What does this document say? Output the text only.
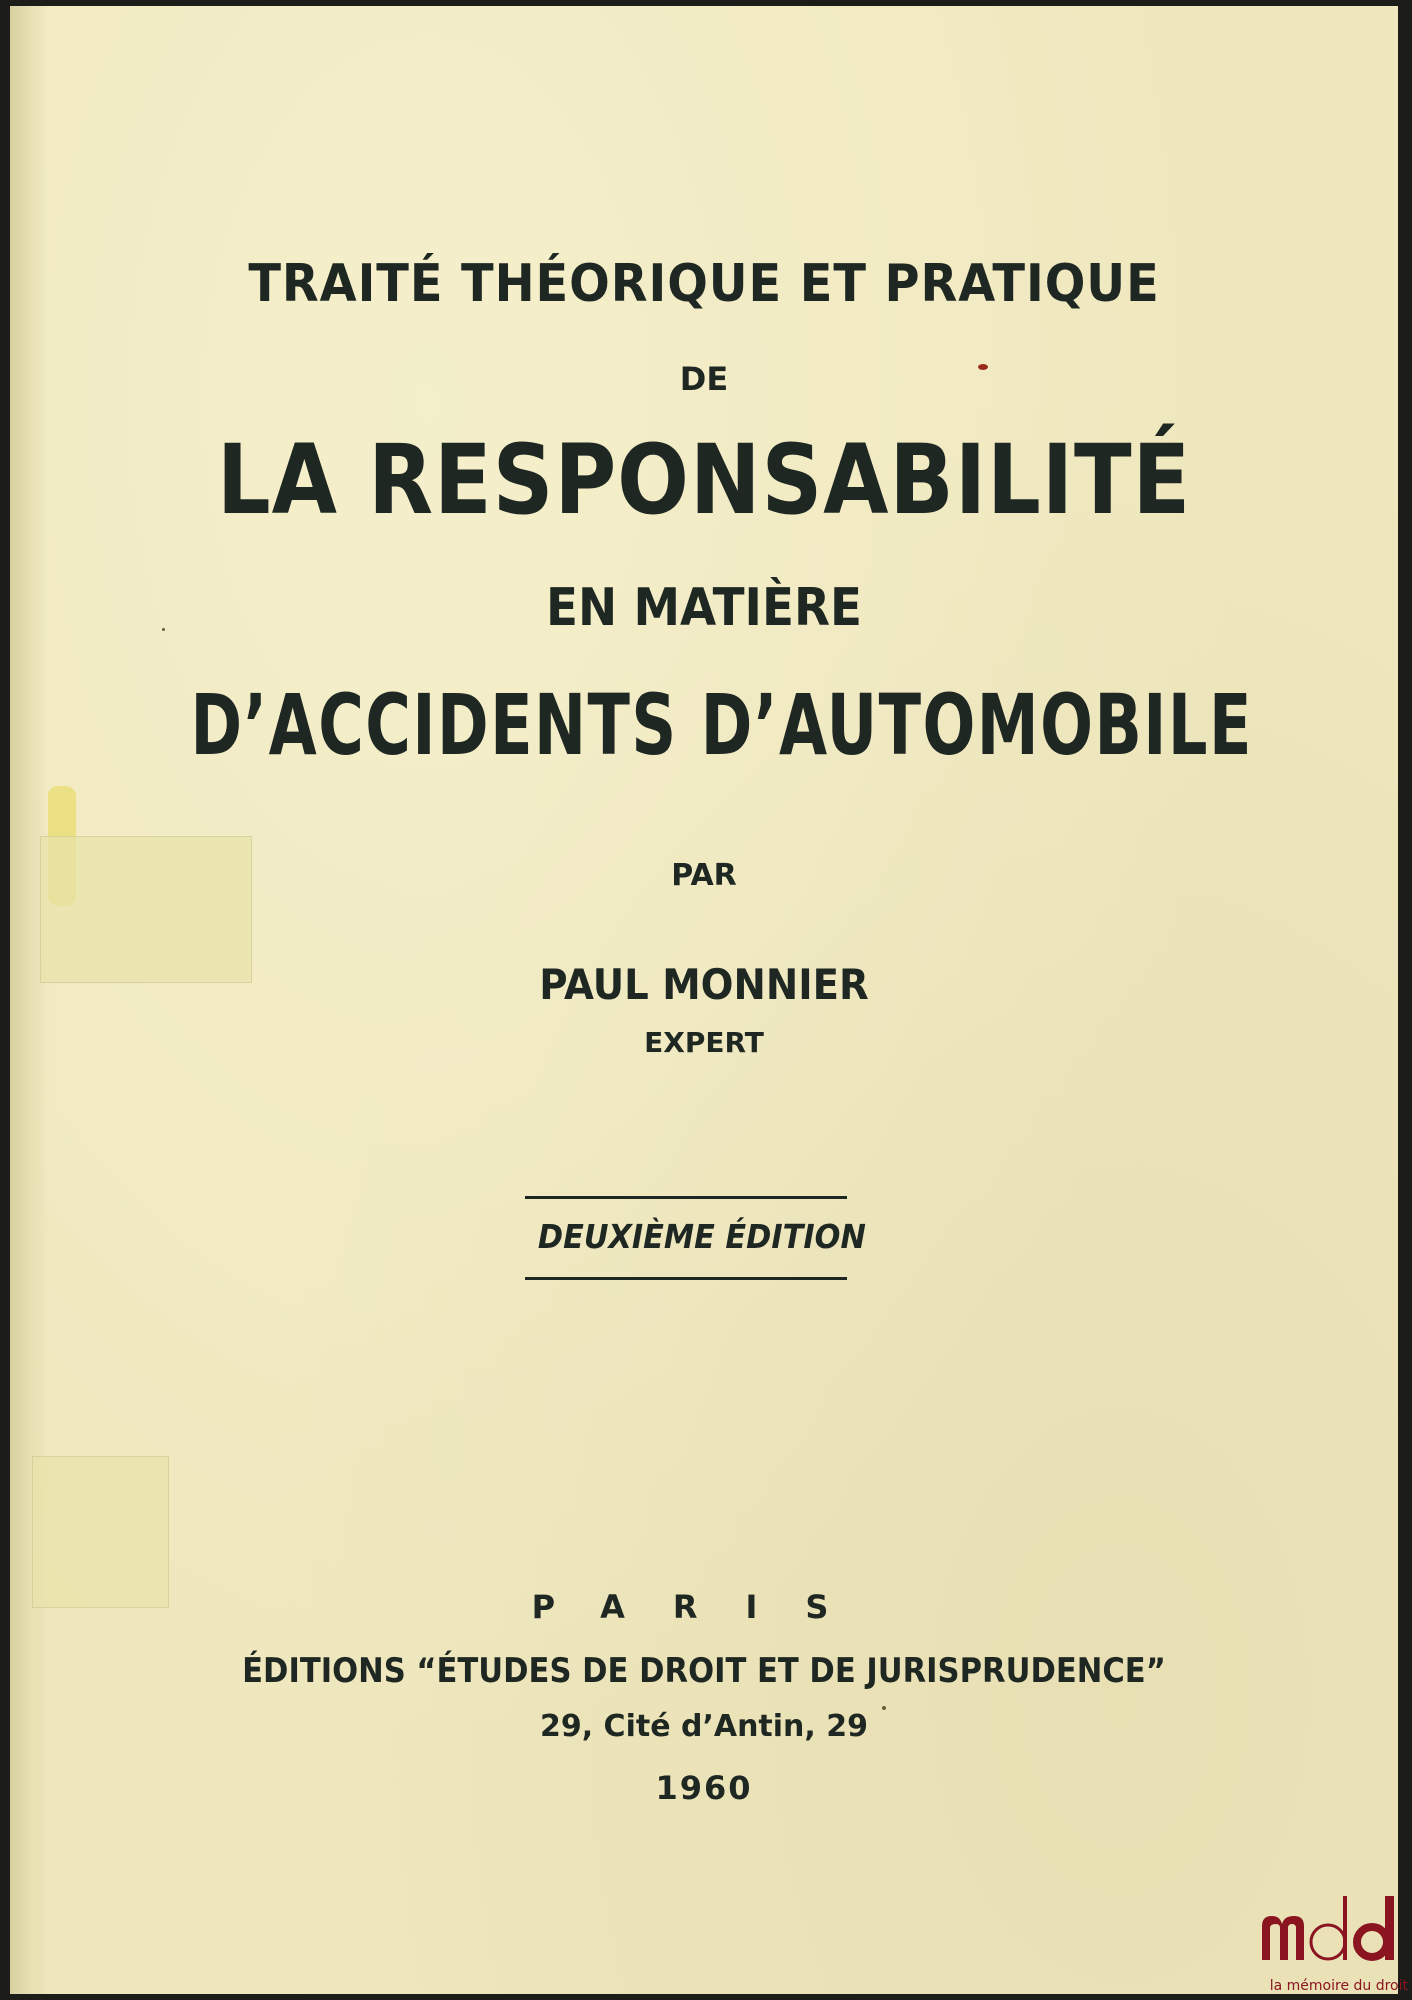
TRAITÉ THÉORIQUE ET PRATIQUE
DE
LA RESPONSABILITÉ
EN MATIÈRE
D’ACCIDENTS D’AUTOMOBILE
PAR
PAUL MONNIER
EXPERT
DEUXIÈME ÉDITION
PARIS
ÉDITIONS “ÉTUDES DE DROIT ET DE JURISPRUDENCE”
29, Cité d’Antin, 29
1960
la mémoire du droit
